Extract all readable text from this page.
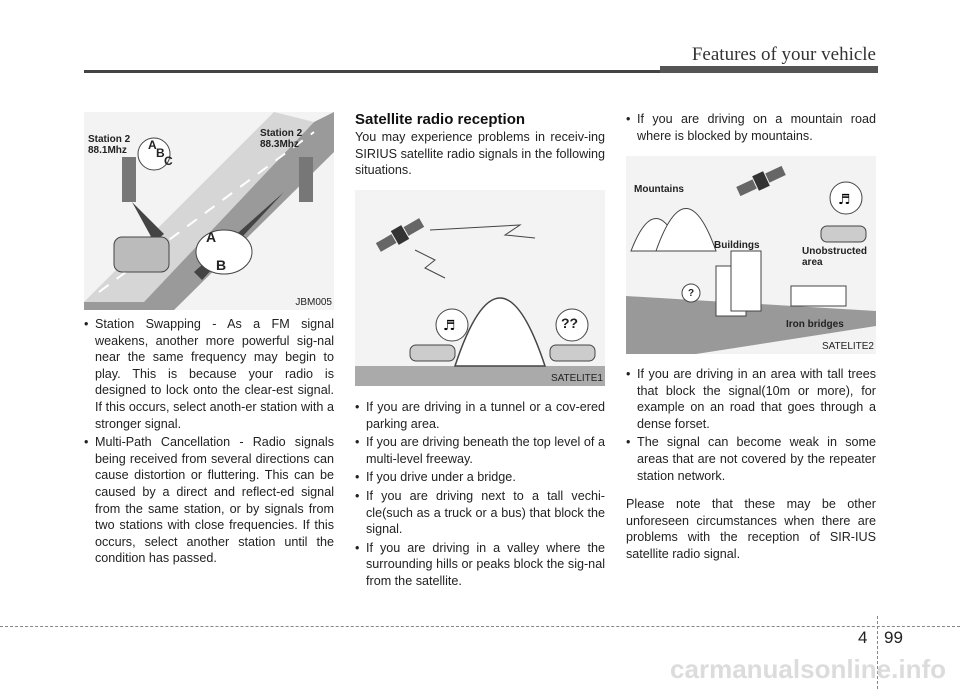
Features of your vehicle
Station 2
88.1Mhz
Station 2
88.3Mhz
A
B
C
A
B
JBM005
• Station Swapping - As a FM signal weakens, another more powerful sig-nal near the same frequency may begin to play. This is because your radio is designed to lock onto the clear-est signal. If this occurs, select anoth-er station with a stronger signal.
• Multi-Path Cancellation - Radio signals being received from several directions can cause distortion or fluttering. This can be caused by a direct and reflect-ed signal from the same station, or by signals from two stations with close frequencies. If this occurs, select another station until the condition has passed.
Satellite radio reception
You may experience problems in receiv-ing SIRIUS satellite radio signals in the following situations.
♬	??
SATELITE1
• If you are driving in a tunnel or a cov-ered parking area.
• If you are driving beneath the top level of a multi-level freeway.
• If you drive under a bridge.
• If you are driving next to a tall vechi-cle(such as a truck or a bus) that block the signal.
• If you are driving in a valley where the surrounding hills or peaks block the sig-nal from the satellite.
• If you are driving on a mountain road where is blocked by mountains.
♬
Mountains
Buildings
Unobstructed
area
Iron bridges
?
SATELITE2
• If you are driving in an area with tall trees that block the signal(10m or more), for example on an road that goes through a dense forset.
• The signal can become weak in some areas that are not covered by the repeater station network.
Please note that these may be other unforeseen circumstances when there are problems with the reception of SIR-IUS satellite radio signal.
4 99
carmanualsonline.info
